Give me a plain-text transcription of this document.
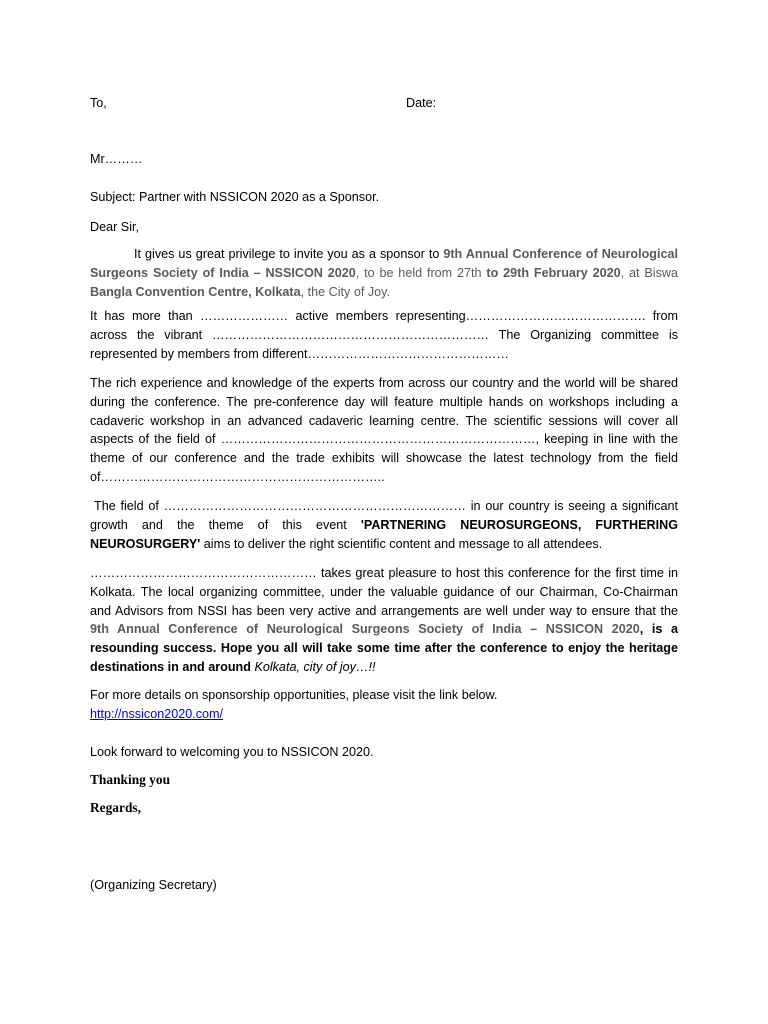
To,	Date:

Mr………

Subject: Partner with NSSICON 2020 as a Sponsor.

Dear Sir,

It gives us great privilege to invite you as a sponsor to 9th Annual Conference of Neurological Surgeons Society of India – NSSICON 2020, to be held from 27th to 29th February 2020, at Biswa Bangla Convention Centre, Kolkata, the City of Joy.

It has more than ………………… active members representing……………………………………. from across the vibrant ………………………………………………………… The Organizing committee is represented by members from different…………………………………………

The rich experience and knowledge of the experts from across our country and the world will be shared during the conference. The pre-conference day will feature multiple hands on workshops including a cadaveric workshop in an advanced cadaveric learning centre. The scientific sessions will cover all aspects of the field of …………………………………………………………………, keeping in line with the theme of our conference and the trade exhibits will showcase the latest technology from the field of…………………………………………………………..

The field of ……………………………………………………………… in our country is seeing a significant growth and the theme of this event 'PARTNERING NEUROSURGEONS, FURTHERING NEUROSURGERY' aims to deliver the right scientific content and message to all attendees.

……………………………………………… takes great pleasure to host this conference for the first time in Kolkata. The local organizing committee, under the valuable guidance of our Chairman, Co-Chairman and Advisors from NSSI has been very active and arrangements are well under way to ensure that the 9th Annual Conference of Neurological Surgeons Society of India – NSSICON 2020, is a resounding success. Hope you all will take some time after the conference to enjoy the heritage destinations in and around Kolkata, city of joy…!!

For more details on sponsorship opportunities, please visit the link below.

http://nssicon2020.com/

Look forward to welcoming you to NSSICON 2020.

Thanking you

Regards,

(Organizing Secretary)
